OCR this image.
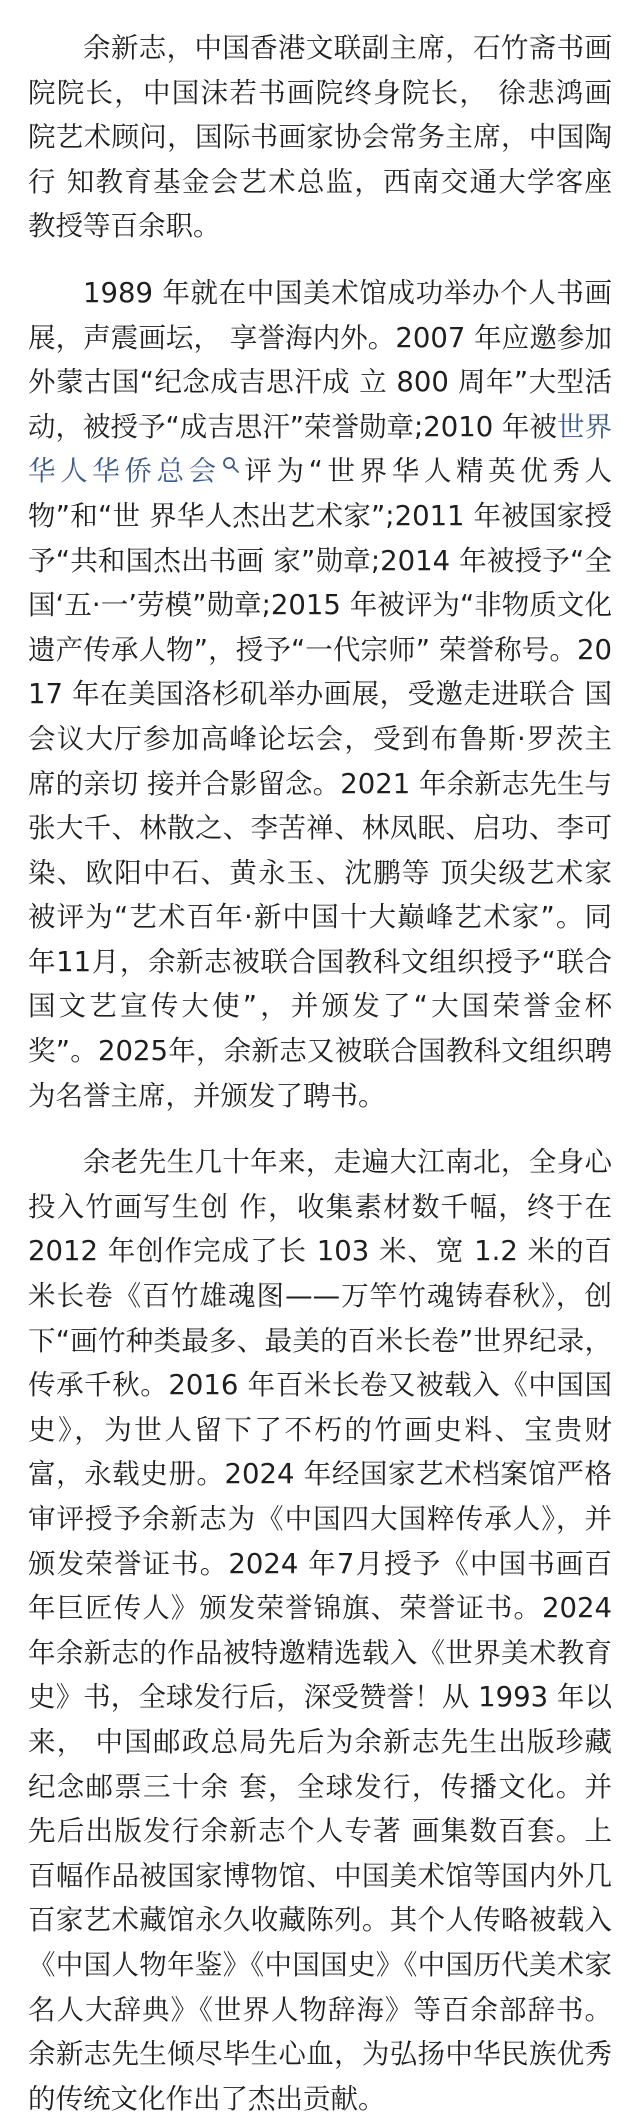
余新志，中国香港文联副主席，石竹斋书画院院长，中国沫若书画院终身院长， 徐悲鸿画院艺术顾问，国际书画家协会常务主席，中国陶行 知教育基金会艺术总监，西南交通大学客座教授等百余职。

1989 年就在中国美术馆成功举办个人书画展，声震画坛， 享誉海内外。2007 年应邀参加外蒙古国“纪念成吉思汗成 立 800 周年”大型活动，被授予“成吉思汗”荣誉勋章;2010 年被世界华人华侨总会 评为“世界华人精英优秀人物”和“世 界华人杰出艺术家”;2011 年被国家授予“共和国杰出书画 家”勋章;2014 年被授予“全国‘五·一’劳模”勋章;2015 年被评为“非物质文化遗产传承人物”，授予“一代宗师” 荣誉称号。2017 年在美国洛杉矶举办画展，受邀走进联合 国会议大厅参加高峰论坛会，受到布鲁斯·罗茨主席的亲切 接并合影留念。2021 年余新志先生与张大千、林散之、李苦禅、林凤眠、启功、李可染、欧阳中石、黄永玉、沈鹏等 顶尖级艺术家被评为“艺术百年·新中国十大巅峰艺术家”。同年11月，余新志被联合国教科文组织授予“联合国文艺宣传大使”，并颁发了“大国荣誉金杯奖”。2025年，余新志又被联合国教科文组织聘为名誉主席，并颁发了聘书。

余老先生几十年来，走遍大江南北，全身心投入竹画写生创 作，收集素材数千幅，终于在 2012 年创作完成了长 103 米、宽 1.2 米的百米长卷《百竹雄魂图——万竿竹魂铸春秋》，创下“画竹种类最多、最美的百米长卷”世界纪录，传承千秋。2016 年百米长卷又被载入《中国国史》，为世人留下了不朽的竹画史料、宝贵财富，永载史册。2024 年经国家艺术档案馆严格审评授予余新志为《中国四大国粹传承人》，并颁发荣誉证书。2024 年7月授予《中国书画百年巨匠传人》颁发荣誉锦旗、荣誉证书。2024年余新志的作品被特邀精选载入《世界美术教育史》书，全球发行后，深受赞誉！从 1993 年以来， 中国邮政总局先后为余新志先生出版珍藏纪念邮票三十余 套，全球发行，传播文化。并先后出版发行余新志个人专著 画集数百套。上百幅作品被国家博物馆、中国美术馆等国内外几百家艺术藏馆永久收藏陈列。其个人传略被载入《中国人物年鉴》《中国国史》《中国历代美术家名人大辞典》《世界人物辞海》等百余部辞书。余新志先生倾尽毕生心血，为弘扬中华民族优秀的传统文化作出了杰出贡献。
